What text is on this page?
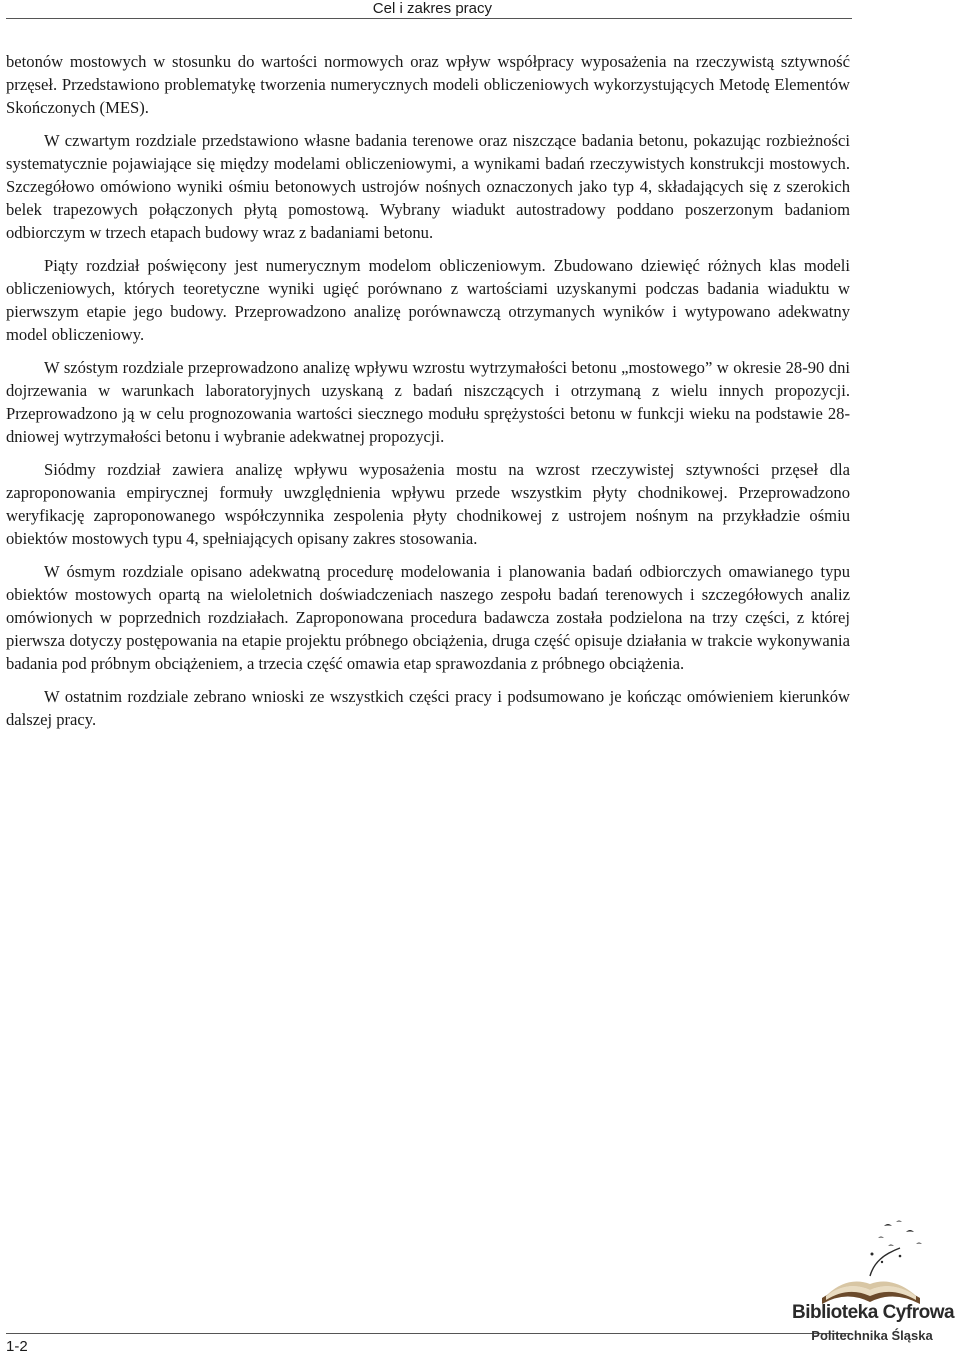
Cel i zakres pracy

betonów mostowych w stosunku do wartości normowych oraz wpływ współpracy wyposażenia na rzeczywistą sztywność przęseł. Przedstawiono problematykę tworzenia numerycznych modeli obliczeniowych wykorzystujących Metodę Elementów Skończonych (MES).

W czwartym rozdziale przedstawiono własne badania terenowe oraz niszczące badania betonu, pokazując rozbieżności systematycznie pojawiające się między modelami obliczeniowymi, a wynikami badań rzeczywistych konstrukcji mostowych. Szczegółowo omówiono wyniki ośmiu betonowych ustrojów nośnych oznaczonych jako typ 4, składających się z szerokich belek trapezowych połączonych płytą pomostową. Wybrany wiadukt autostradowy poddano poszerzonym badaniom odbiorczym w trzech etapach budowy wraz z badaniami betonu.

Piąty rozdział poświęcony jest numerycznym modelom obliczeniowym. Zbudowano dziewięć różnych klas modeli obliczeniowych, których teoretyczne wyniki ugięć porównano z wartościami uzyskanymi podczas badania wiaduktu w pierwszym etapie jego budowy. Przeprowadzono analizę porównawczą otrzymanych wyników i wytypowano adekwatny model obliczeniowy.

W szóstym rozdziale przeprowadzono analizę wpływu wzrostu wytrzymałości betonu „mostowego” w okresie 28-90 dni dojrzewania w warunkach laboratoryjnych uzyskaną z badań niszczących i otrzymaną z wielu innych propozycji. Przeprowadzono ją w celu prognozowania wartości siecznego modułu sprężystości betonu w funkcji wieku na podstawie 28-dniowej wytrzymałości betonu i wybranie adekwatnej propozycji.

Siódmy rozdział zawiera analizę wpływu wyposażenia mostu na wzrost rzeczywistej sztywności przęseł dla zaproponowania empirycznej formuły uwzględnienia wpływu przede wszystkim płyty chodnikowej. Przeprowadzono weryfikację zaproponowanego współczynnika zespolenia płyty chodnikowej z ustrojem nośnym na przykładzie ośmiu obiektów mostowych typu 4, spełniających opisany zakres stosowania.

W ósmym rozdziale opisano adekwatną procedurę modelowania i planowania badań odbiorczych omawianego typu obiektów mostowych opartą na wieloletnich doświadczeniach naszego zespołu badań terenowych i szczegółowych analiz omówionych w poprzednich rozdziałach. Zaproponowana procedura badawcza została podzielona na trzy części, z której pierwsza dotyczy postępowania na etapie projektu próbnego obciążenia, druga część opisuje działania w trakcie wykonywania badania pod próbnym obciążeniem, a trzecia część omawia etap sprawozdania z próbnego obciążenia.

W ostatnim rozdziale zebrano wnioski ze wszystkich części pracy i podsumowano je kończąc omówieniem kierunków dalszej pracy.

1-2
Biblioteka Cyfrowa
Politechnika Śląska
